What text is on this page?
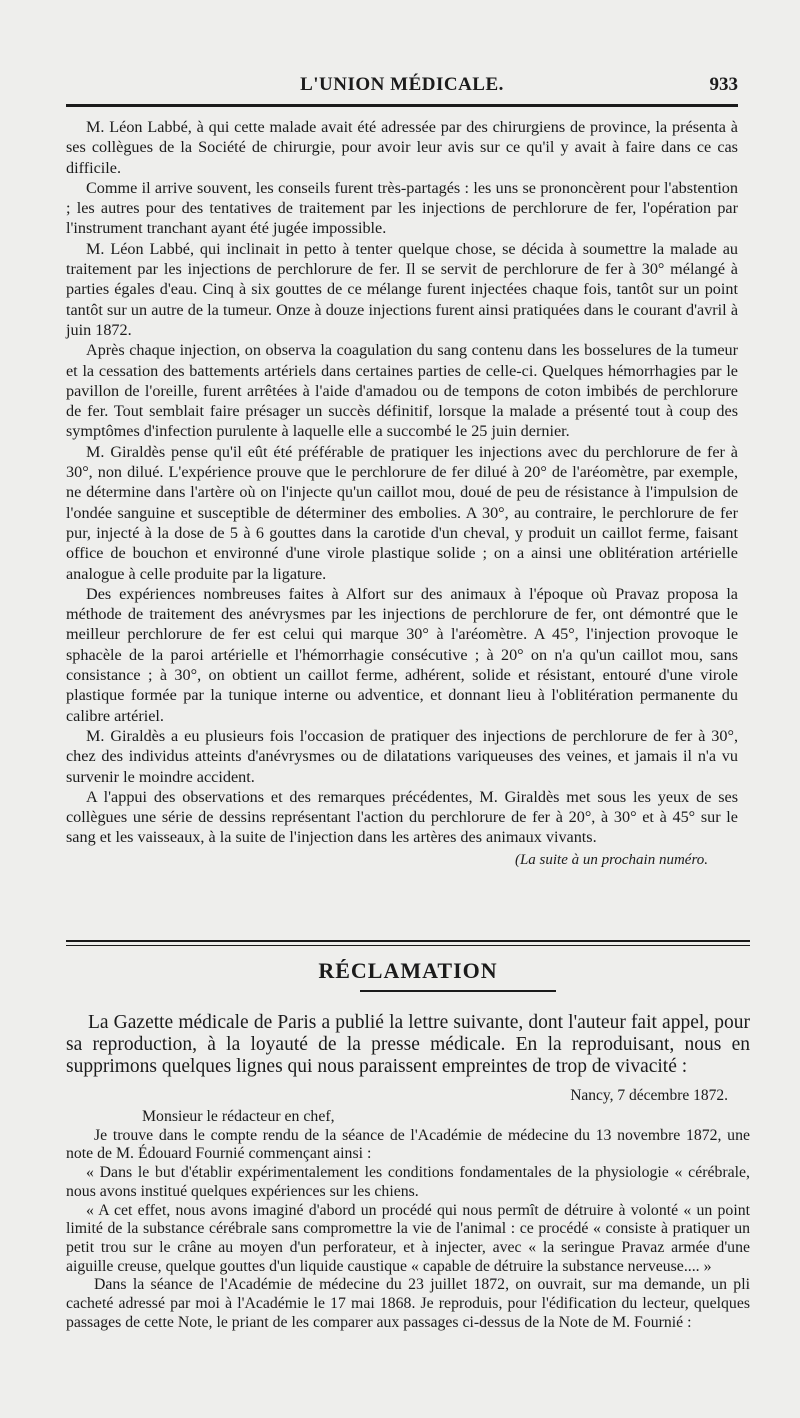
L'UNION MÉDICALE.	933

M. Léon Labbé, à qui cette malade avait été adressée par des chirurgiens de province, la présenta à ses collègues de la Société de chirurgie, pour avoir leur avis sur ce qu'il y avait à faire dans ce cas difficile.

Comme il arrive souvent, les conseils furent très-partagés : les uns se prononcèrent pour l'abstention ; les autres pour des tentatives de traitement par les injections de perchlorure de fer, l'opération par l'instrument tranchant ayant été jugée impossible.

M. Léon Labbé, qui inclinait in petto à tenter quelque chose, se décida à soumettre la malade au traitement par les injections de perchlorure de fer. Il se servit de perchlorure de fer à 30° mélangé à parties égales d'eau. Cinq à six gouttes de ce mélange furent injectées chaque fois, tantôt sur un point tantôt sur un autre de la tumeur. Onze à douze injections furent ainsi pratiquées dans le courant d'avril à juin 1872.

Après chaque injection, on observa la coagulation du sang contenu dans les bosselures de la tumeur et la cessation des battements artériels dans certaines parties de celle-ci. Quelques hémorrhagies par le pavillon de l'oreille, furent arrêtées à l'aide d'amadou ou de tempons de coton imbibés de perchlorure de fer. Tout semblait faire présager un succès définitif, lorsque la malade a présenté tout à coup des symptômes d'infection purulente à laquelle elle a succombé le 25 juin dernier.

M. Giraldès pense qu'il eût été préférable de pratiquer les injections avec du perchlorure de fer à 30°, non dilué. L'expérience prouve que le perchlorure de fer dilué à 20° de l'aréomètre, par exemple, ne détermine dans l'artère où on l'injecte qu'un caillot mou, doué de peu de résistance à l'impulsion de l'ondée sanguine et susceptible de déterminer des embolies. A 30°, au contraire, le perchlorure de fer pur, injecté à la dose de 5 à 6 gouttes dans la carotide d'un cheval, y produit un caillot ferme, faisant office de bouchon et environné d'une virole plastique solide ; on a ainsi une oblitération artérielle analogue à celle produite par la ligature.

Des expériences nombreuses faites à Alfort sur des animaux à l'époque où Pravaz proposa la méthode de traitement des anévrysmes par les injections de perchlorure de fer, ont démontré que le meilleur perchlorure de fer est celui qui marque 30° à l'aréomètre. A 45°, l'injection provoque le sphacèle de la paroi artérielle et l'hémorrhagie consécutive ; à 20° on n'a qu'un caillot mou, sans consistance ; à 30°, on obtient un caillot ferme, adhérent, solide et résistant, entouré d'une virole plastique formée par la tunique interne ou adventice, et donnant lieu à l'oblitération permanente du calibre artériel.

M. Giraldès a eu plusieurs fois l'occasion de pratiquer des injections de perchlorure de fer à 30°, chez des individus atteints d'anévrysmes ou de dilatations variqueuses des veines, et jamais il n'a vu survenir le moindre accident.

A l'appui des observations et des remarques précédentes, M. Giraldès met sous les yeux de ses collègues une série de dessins représentant l'action du perchlorure de fer à 20°, à 30° et à 45° sur le sang et les vaisseaux, à la suite de l'injection dans les artères des animaux vivants.

(La suite à un prochain numéro.
RÉCLAMATION

La Gazette médicale de Paris a publié la lettre suivante, dont l'auteur fait appel, pour sa reproduction, à la loyauté de la presse médicale. En la reproduisant, nous en supprimons quelques lignes qui nous paraissent empreintes de trop de vivacité :

Nancy, 7 décembre 1872.

Monsieur le rédacteur en chef,

Je trouve dans le compte rendu de la séance de l'Académie de médecine du 13 novembre 1872, une note de M. Édouard Fournié commençant ainsi :

« Dans le but d'établir expérimentalement les conditions fondamentales de la physiologie « cérébrale, nous avons institué quelques expériences sur les chiens.

« A cet effet, nous avons imaginé d'abord un procédé qui nous permît de détruire à volonté « un point limité de la substance cérébrale sans compromettre la vie de l'animal : ce procédé « consiste à pratiquer un petit trou sur le crâne au moyen d'un perforateur, et à injecter, avec « la seringue Pravaz armée d'une aiguille creuse, quelque gouttes d'un liquide caustique « capable de détruire la substance nerveuse.... »

Dans la séance de l'Académie de médecine du 23 juillet 1872, on ouvrait, sur ma demande, un pli cacheté adressé par moi à l'Académie le 17 mai 1868. Je reproduis, pour l'édification du lecteur, quelques passages de cette Note, le priant de les comparer aux passages ci-dessus de la Note de M. Fournié :
